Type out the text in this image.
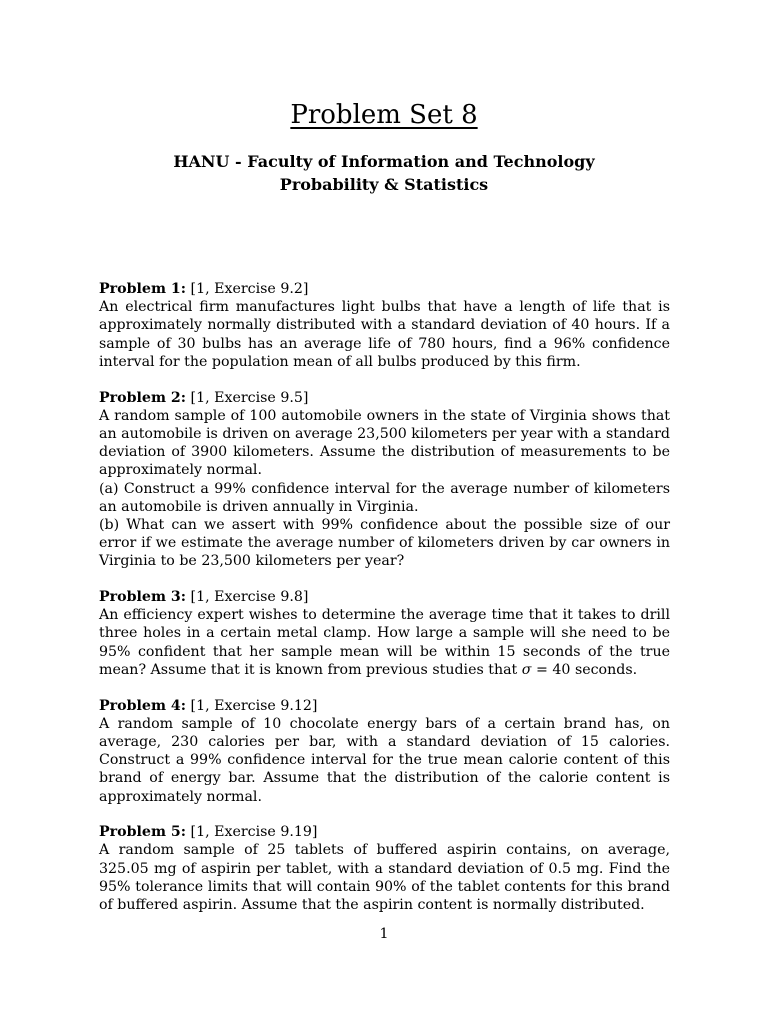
Problem Set 8
HANU - Faculty of Information and Technology
Probability & Statistics

Problem 1: [1, Exercise 9.2]

An electrical firm manufactures light bulbs that have a length of life that is approximately normally distributed with a standard deviation of 40 hours. If a sample of 30 bulbs has an average life of 780 hours, find a 96% confidence interval for the population mean of all bulbs produced by this firm.

Problem 2: [1, Exercise 9.5]

A random sample of 100 automobile owners in the state of Virginia shows that an automobile is driven on average 23,500 kilometers per year with a standard deviation of 3900 kilometers. Assume the distribution of measurements to be approximately normal.

(a) Construct a 99% confidence interval for the average number of kilometers an automobile is driven annually in Virginia.

(b) What can we assert with 99% confidence about the possible size of our error if we estimate the average number of kilometers driven by car owners in Virginia to be 23,500 kilometers per year?

Problem 3: [1, Exercise 9.8]

An efficiency expert wishes to determine the average time that it takes to drill three holes in a certain metal clamp. How large a sample will she need to be 95% confident that her sample mean will be within 15 seconds of the true mean? Assume that it is known from previous studies that σ = 40 seconds.

Problem 4: [1, Exercise 9.12]

A random sample of 10 chocolate energy bars of a certain brand has, on average, 230 calories per bar, with a standard deviation of 15 calories. Construct a 99% confidence interval for the true mean calorie content of this brand of energy bar. Assume that the distribution of the calorie content is approximately normal.

Problem 5: [1, Exercise 9.19]

A random sample of 25 tablets of buffered aspirin contains, on average, 325.05 mg of aspirin per tablet, with a standard deviation of 0.5 mg. Find the 95% tolerance limits that will contain 90% of the tablet contents for this brand of buffered aspirin. Assume that the aspirin content is normally distributed.

1
